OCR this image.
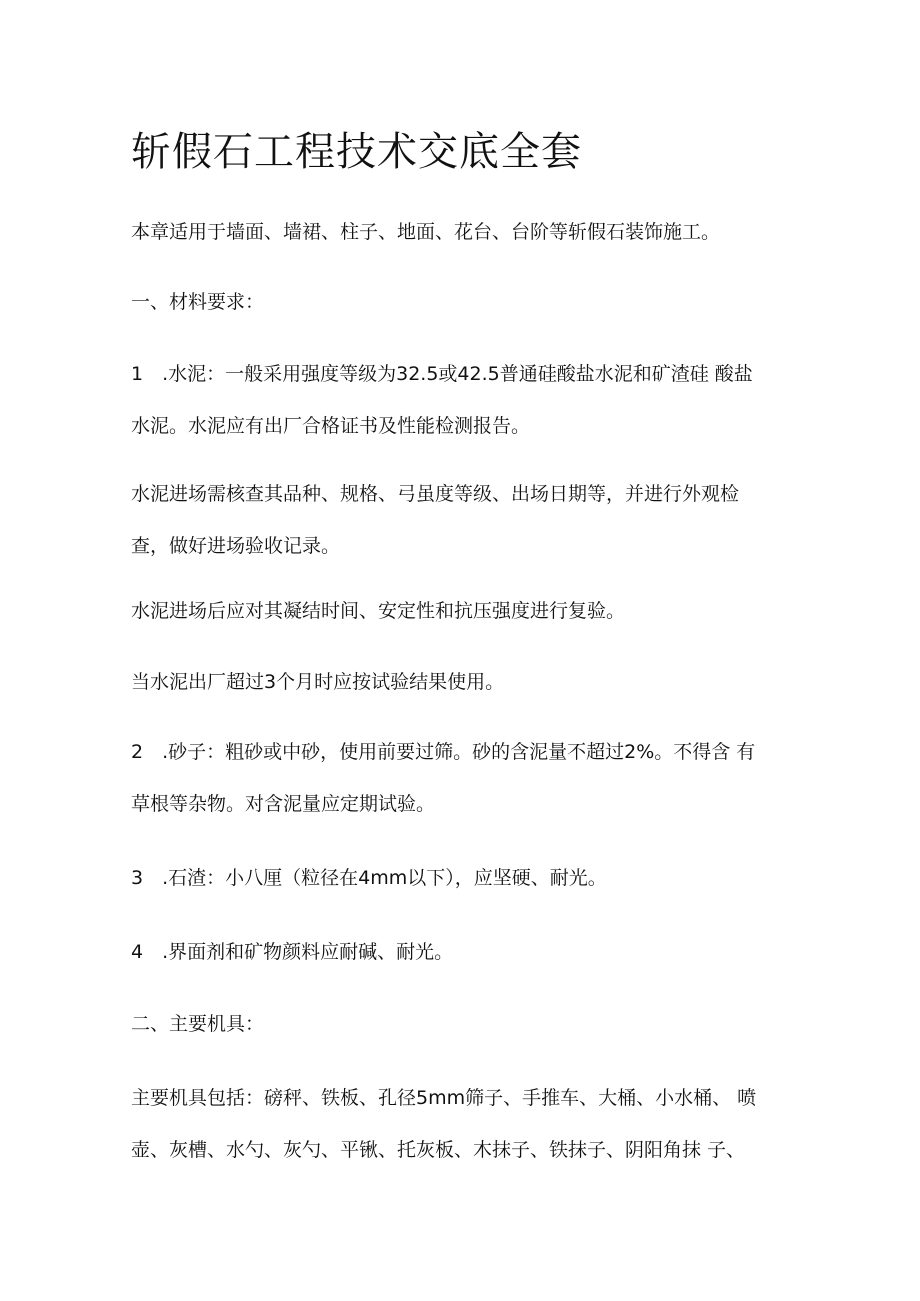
斩假石工程技术交底全套

本章适用于墙面、墙裙、柱子、地面、花台、台阶等斩假石装饰施工。

一、材料要求：

1　.水泥：一般采用强度等级为32.5或42.5普通硅酸盐水泥和矿渣硅 酸盐
水泥。水泥应有出厂合格证书及性能检测报告。

水泥进场需核查其品种、规格、弓虽度等级、出场日期等，并进行外观检
查，做好进场验收记录。

水泥进场后应对其凝结时间、安定性和抗压强度进行复验。

当水泥出厂超过3个月时应按试验结果使用。

2　.砂子：粗砂或中砂，使用前要过筛。砂的含泥量不超过2%。不得含 有
草根等杂物。对含泥量应定期试验。

3　.石渣：小八厘（粒径在4mm以下），应坚硬、耐光。

4　.界面剂和矿物颜料应耐碱、耐光。

二、主要机具：

主要机具包括：磅秤、铁板、孔径5mm筛子、手推车、大桶、小水桶、 喷
壶、灰槽、水勺、灰勺、平锹、托灰板、木抹子、铁抹子、阴阳角抹 子、
